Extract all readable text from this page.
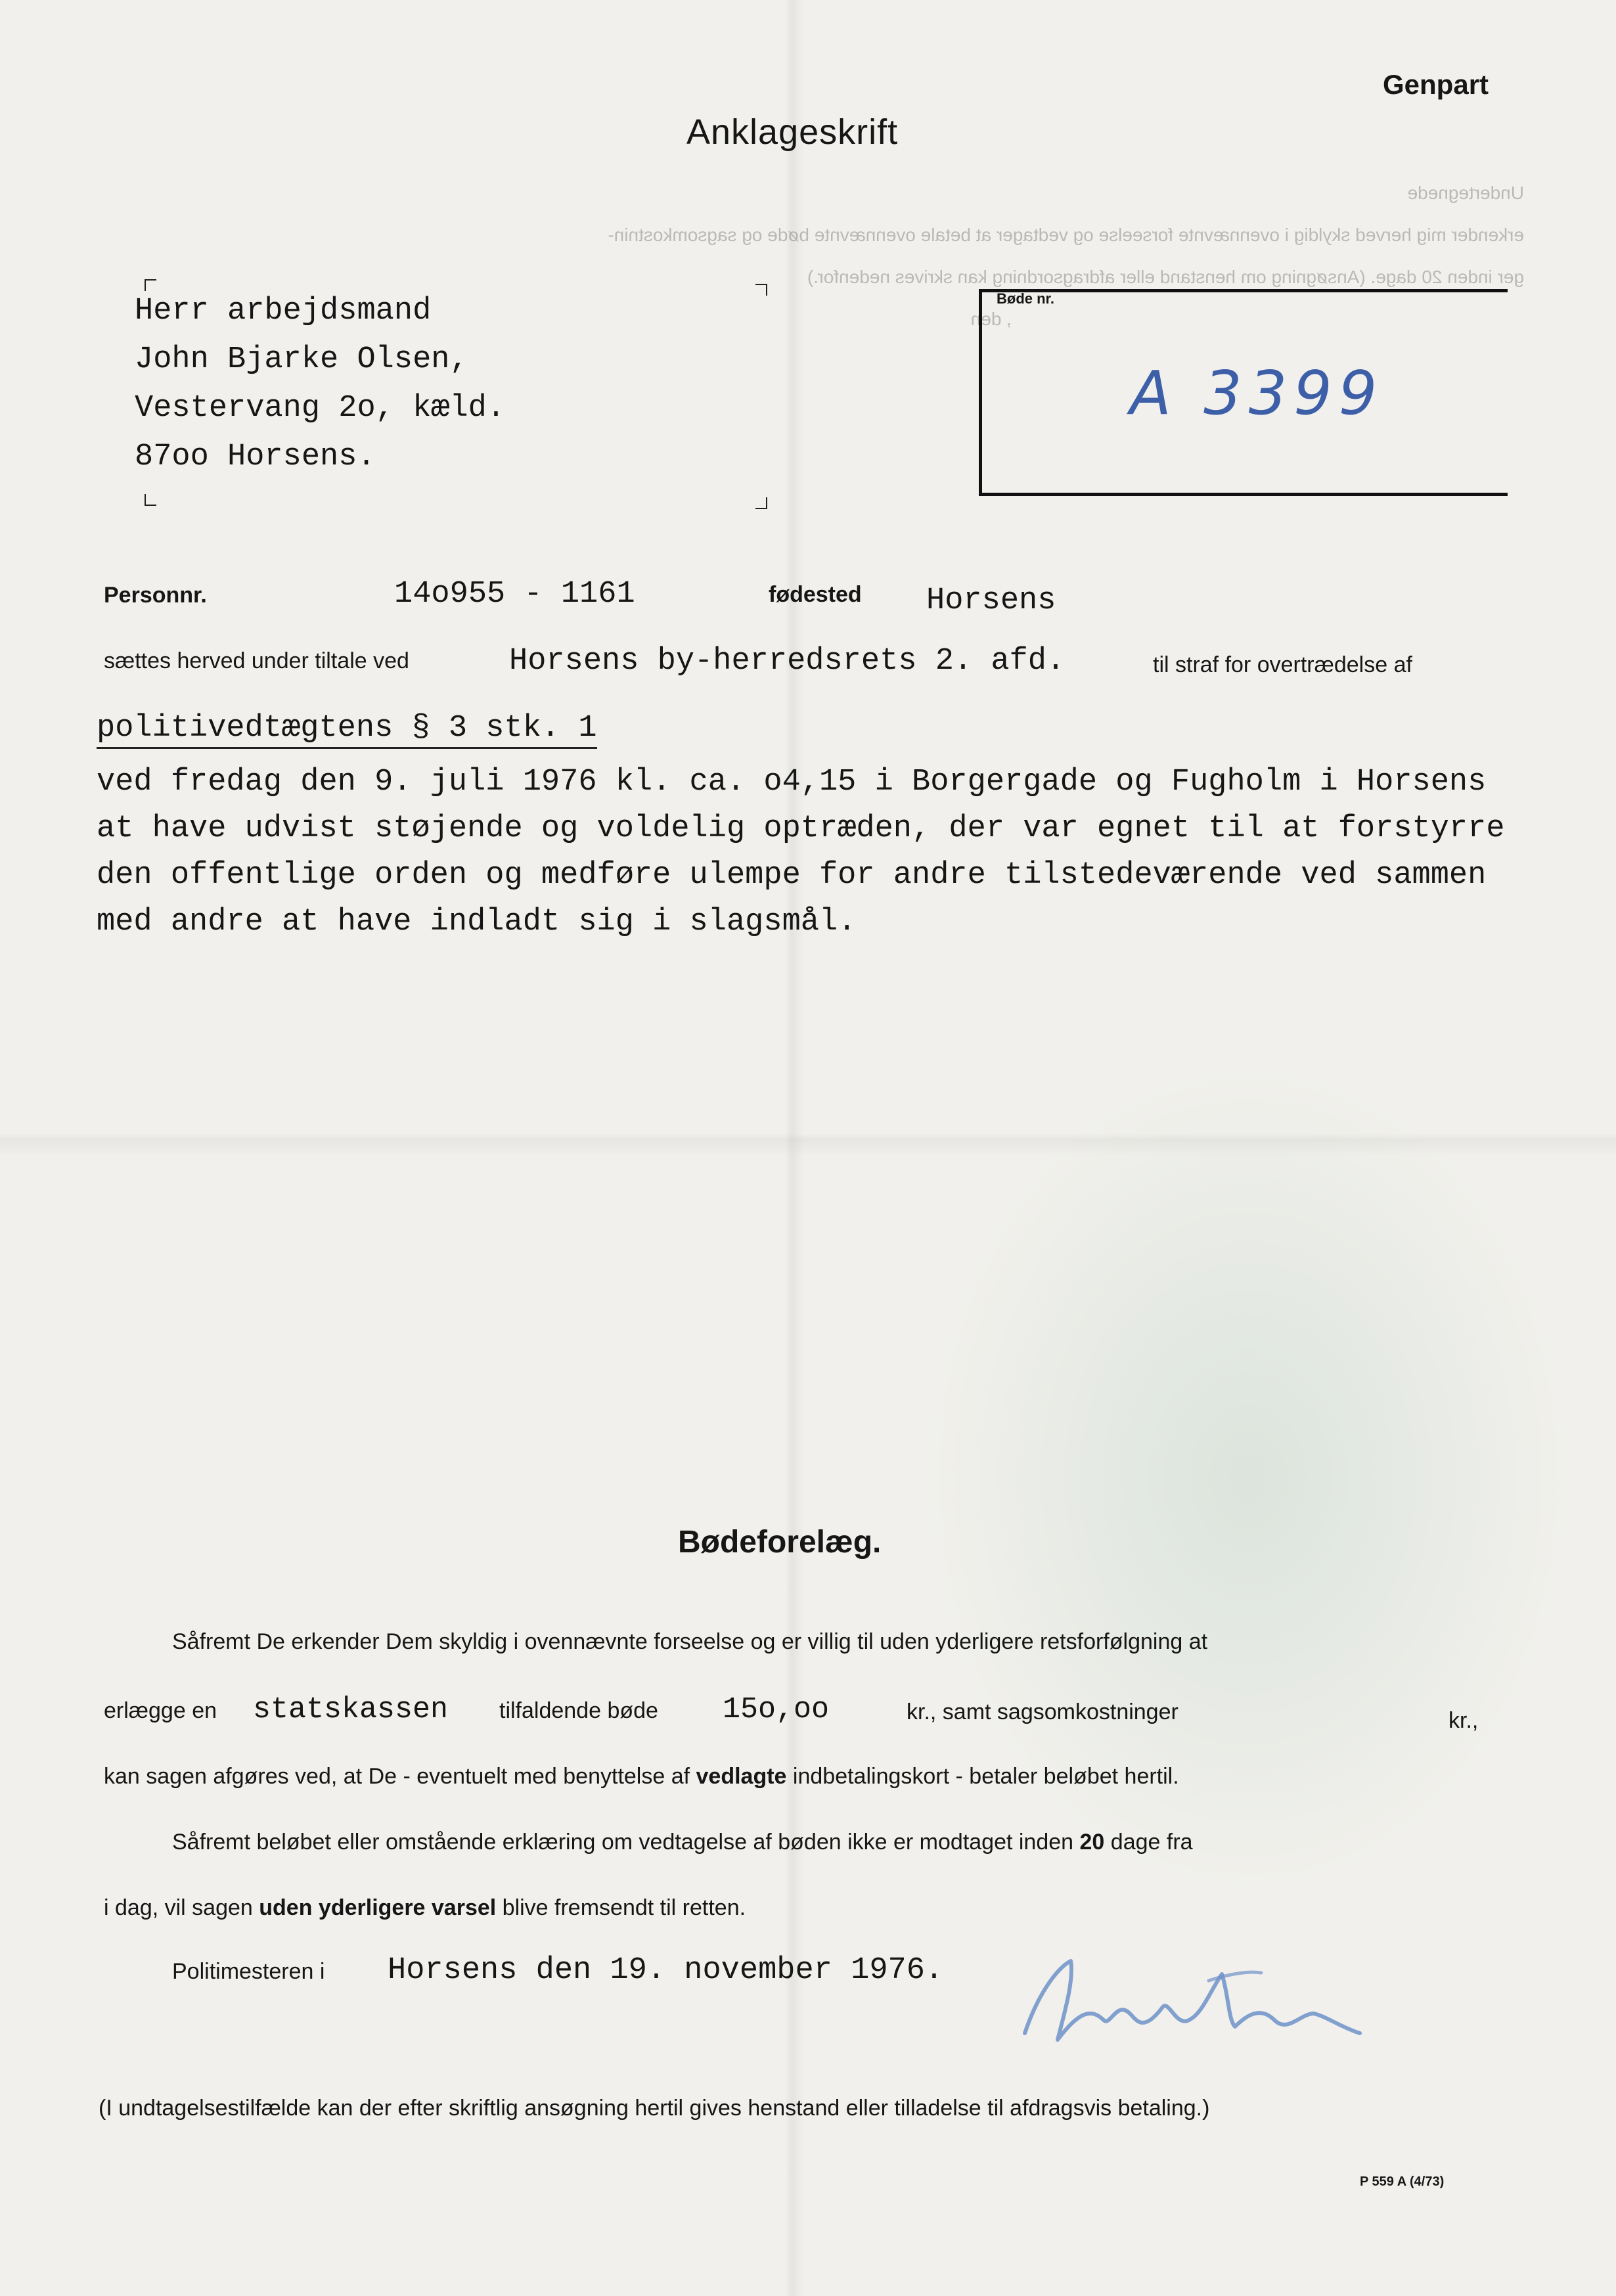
Genpart
Anklageskrift
Undertegnede
erkender mig herved skyldig i ovennævnte forseelse og vedtager at betale ovennævnte bøde og sagsomkostnin-
ger inden 20 dage. (Ansøgning om henstand eller afdragsordning kan skrives nedenfor.)
, den
Herr arbejdsmand
John Bjarke Olsen,
Vestervang 2o, kæld.
87oo Horsens.
Bøde nr.
A 3399
Personnr.	14o955 - 1161	fødested Horsens
sættes herved under tiltale ved	Horsens by-herredsrets 2. afd.	til straf for overtrædelse af
politivedtægtens § 3 stk. 1
ved fredag den 9. juli 1976 kl. ca. o4,15 i Borgergade og Fugholm i Horsens
at have udvist støjende og voldelig optræden, der var egnet til at forstyrre
den offentlige orden og medføre ulempe for andre tilstedeværende ved sammen
med andre at have indladt sig i slagsmål.
Bødeforelæg.
Såfremt De erkender Dem skyldig i ovennævnte forseelse og er villig til uden yderligere retsforfølgning at
erlægge en statskassen tilfaldende bøde 15o,oo	kr., samt sagsomkostninger	kr.,
kan sagen afgøres ved, at De - eventuelt med benyttelse af vedlagte indbetalingskort - betaler beløbet hertil.
Såfremt beløbet eller omstående erklæring om vedtagelse af bøden ikke er modtaget inden 20 dage fra
i dag, vil sagen uden yderligere varsel blive fremsendt til retten.
Politimesteren i Horsens den 19. november 1976.
(I undtagelsestilfælde kan der efter skriftlig ansøgning hertil gives henstand eller tilladelse til afdragsvis betaling.)
P 559 A (4/73)
